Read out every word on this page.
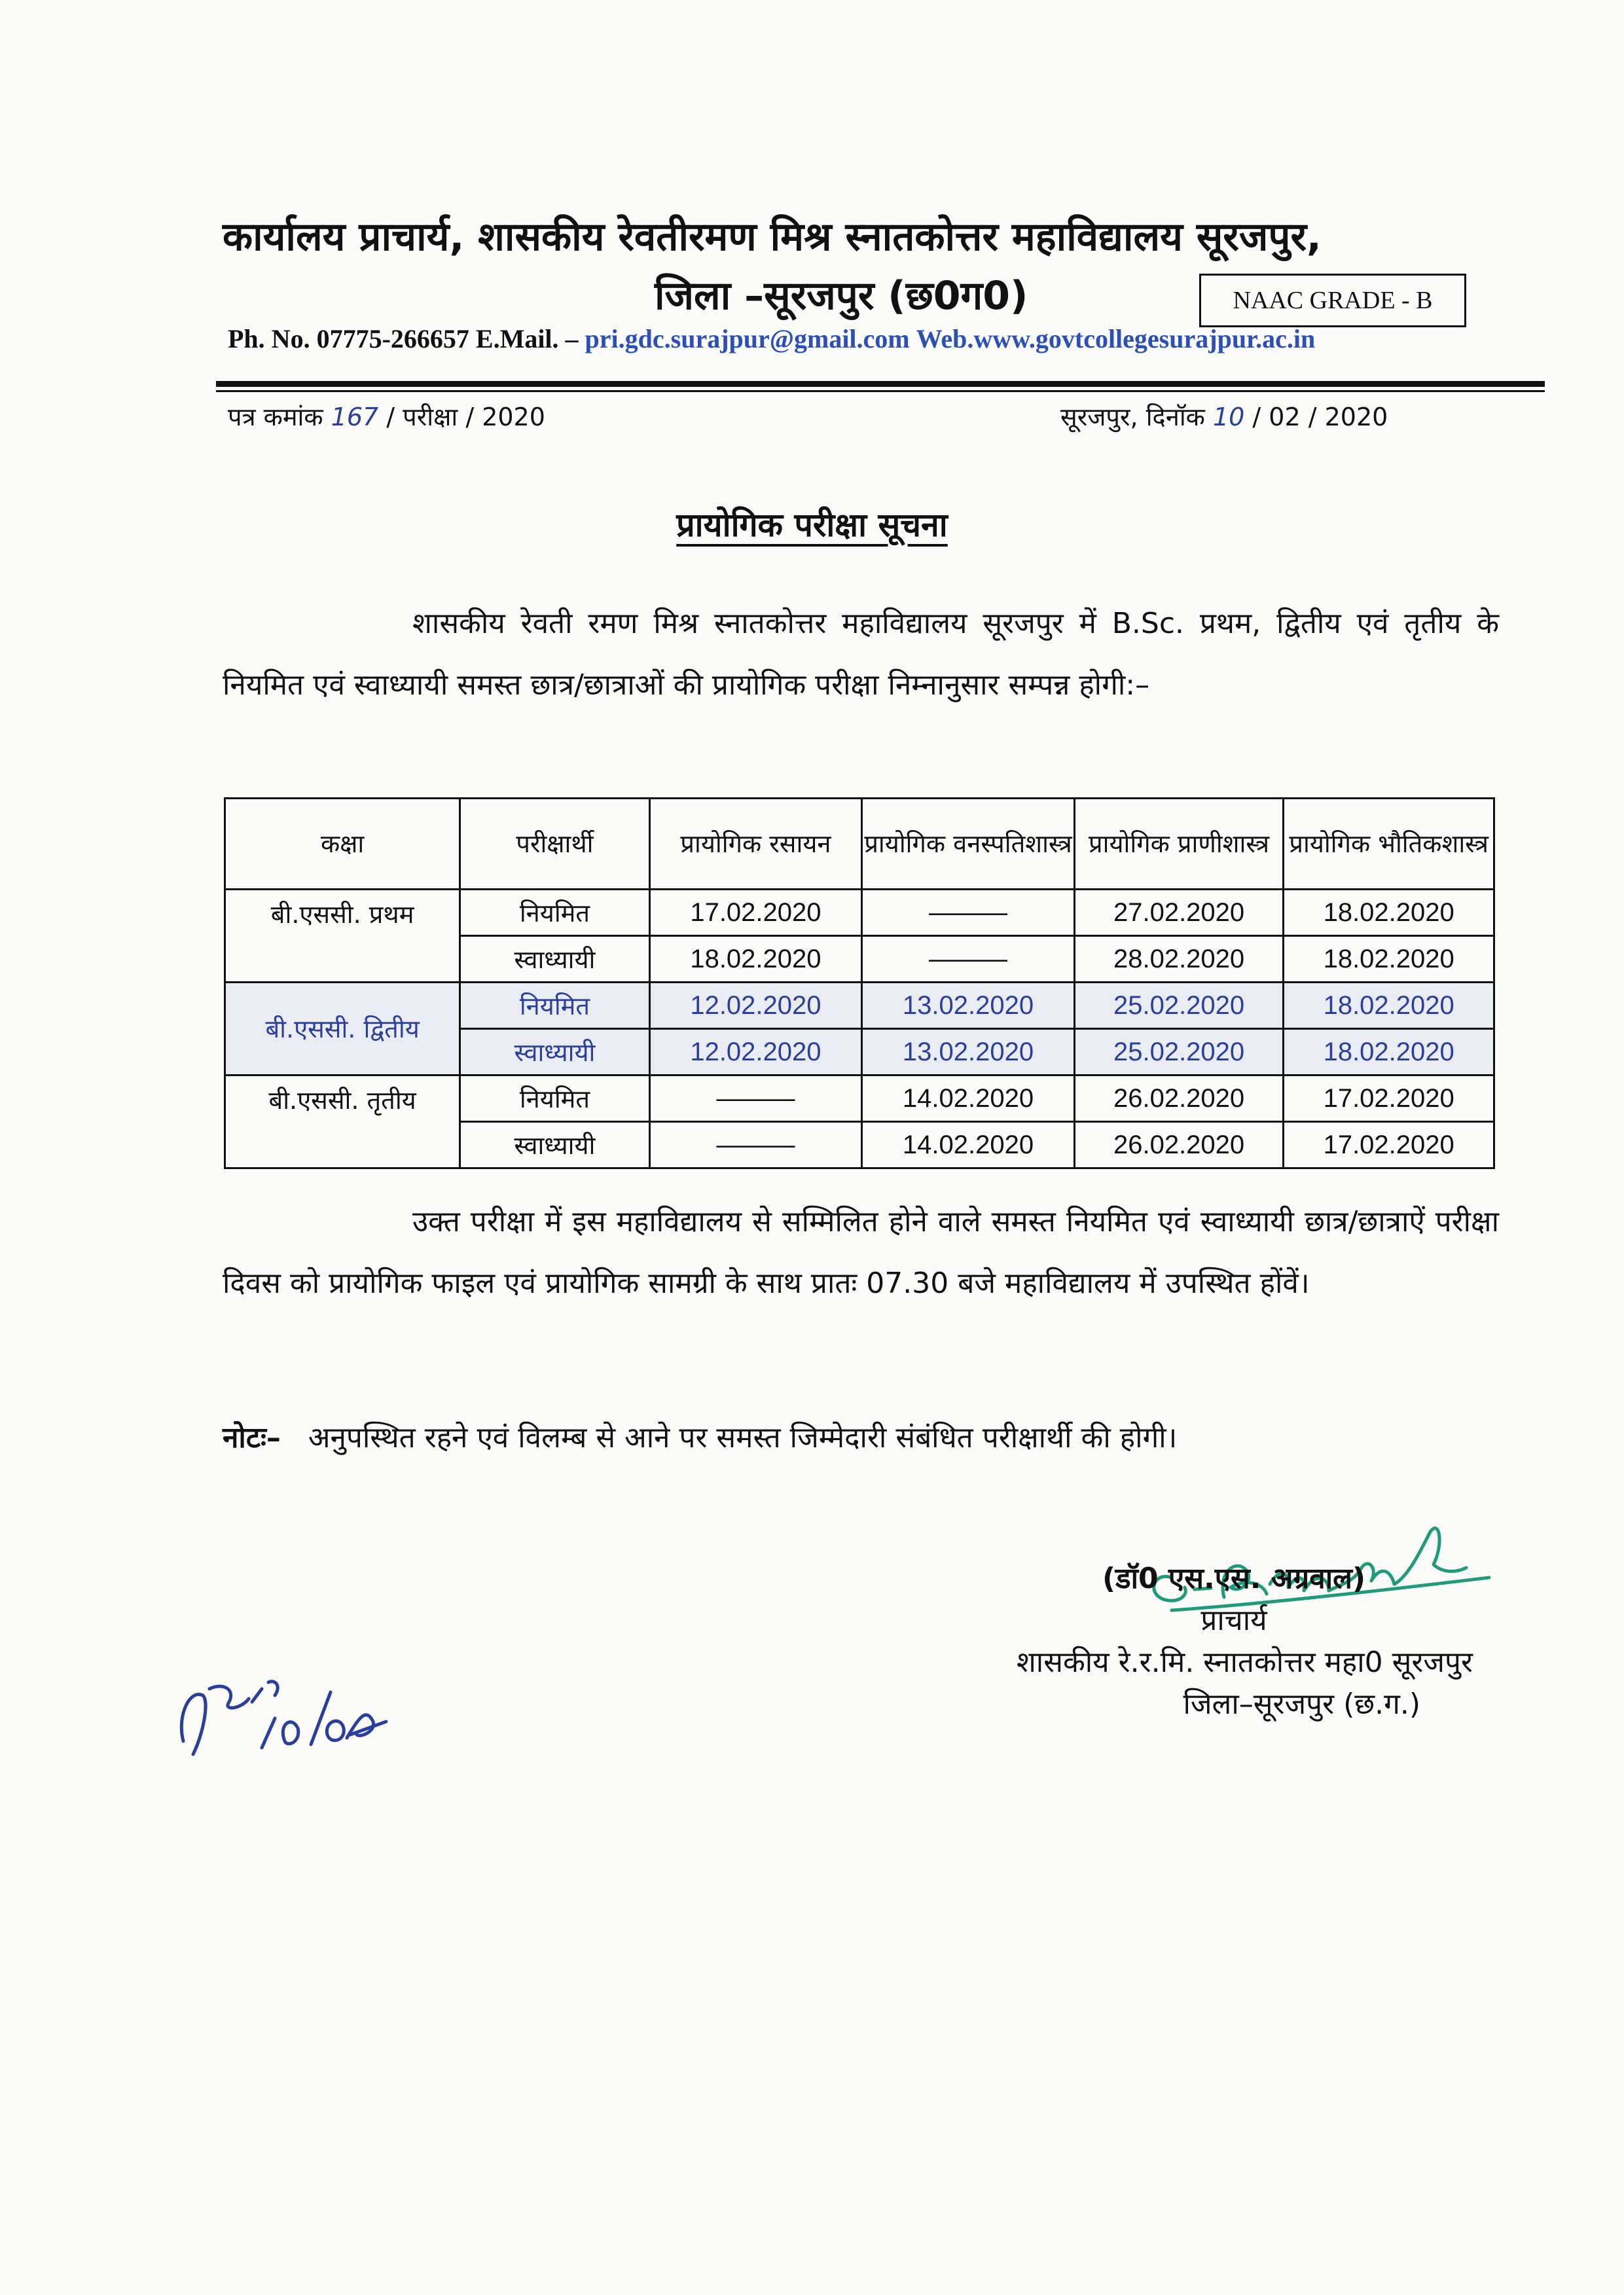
कार्यालय प्राचार्य, शासकीय रेवतीरमण मिश्र स्नातकोत्तर महाविद्यालय सूरजपुर,
जिला –सूरजपुर (छ0ग0)	NAAC GRADE - B
Ph. No. 07775-266657 E.Mail. – pri.gdc.surajpur@gmail.com Web.www.govtcollegesurajpur.ac.in
पत्र कमांक 167 / परीक्षा / 2020	सूरजपुर, दिनॉक 10 / 02 / 2020
प्रायोगिक परीक्षा सूचना
शासकीय रेवती रमण मिश्र स्नातकोत्तर महाविद्यालय सूरजपुर में B.Sc. प्रथम, द्वितीय एवं तृतीय के नियमित एवं स्वाध्यायी समस्त छात्र/छात्राओं की प्रायोगिक परीक्षा निम्नानुसार सम्पन्न होगी:–
कक्षा	परीक्षार्थी	प्रायोगिक रसायन	प्रायोगिक वनस्पतिशास्त्र	प्रायोगिक प्राणीशास्त्र	प्रायोगिक भौतिकशास्त्र
बी.एससी. प्रथम	नियमित	17.02.2020	———	27.02.2020	18.02.2020
	स्वाध्यायी	18.02.2020	———	28.02.2020	18.02.2020
बी.एससी. द्वितीय	नियमित	12.02.2020	13.02.2020	25.02.2020	18.02.2020
	स्वाध्यायी	12.02.2020	13.02.2020	25.02.2020	18.02.2020
बी.एससी. तृतीय	नियमित	———	14.02.2020	26.02.2020	17.02.2020
	स्वाध्यायी	———	14.02.2020	26.02.2020	17.02.2020
उक्त परीक्षा में इस महाविद्यालय से सम्मिलित होने वाले समस्त नियमित एवं स्वाध्यायी छात्र/छात्राऐं परीक्षा दिवस को प्रायोगिक फाइल एवं प्रायोगिक सामग्री के साथ प्रातः 07.30 बजे महाविद्यालय में उपस्थित होंवें।
नोटः– अनुपस्थित रहने एवं विलम्ब से आने पर समस्त जिम्मेदारी संबंधित परीक्षार्थी की होगी।
(डॉ0 एस.एस. अग्रवाल)
प्राचार्य
शासकीय रे.र.मि. स्नातकोत्तर महा0 सूरजपुर
जिला–सूरजपुर (छ.ग.)
